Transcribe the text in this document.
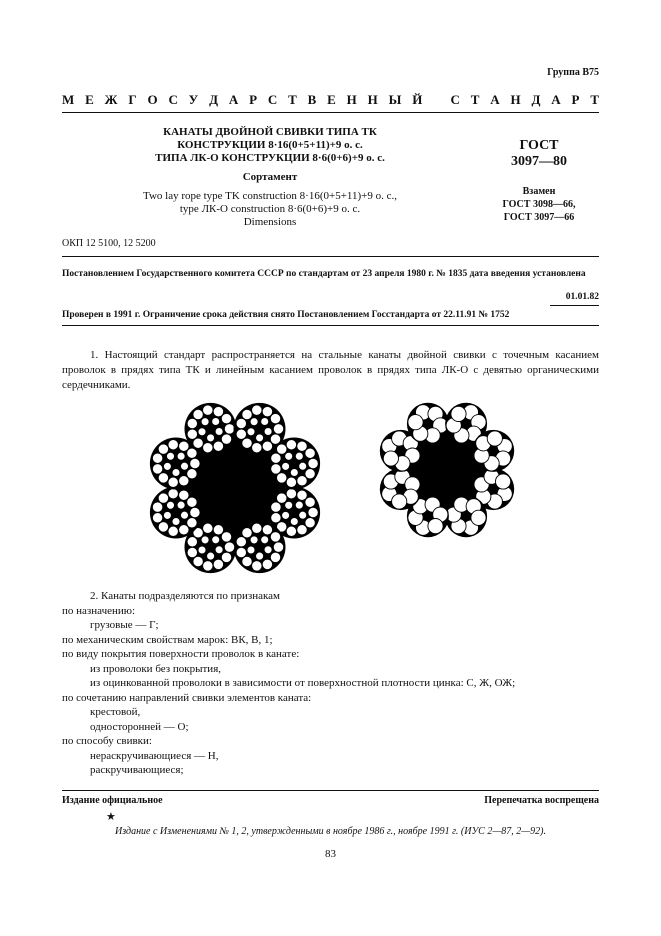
Группа В75
М Е Ж Г О С У Д А Р С Т В Е Н Н Ы Й
С Т А Н Д А Р Т
КАНАТЫ ДВОЙНОЙ СВИВКИ ТИПА ТК
КОНСТРУКЦИИ 8·16(0+5+11)+9 о. с.
ТИПА ЛК-О КОНСТРУКЦИИ 8·6(0+6)+9 о. с.
Сортамент
Two lay rope type TK construction 8·16(0+5+11)+9 o. c.,
type ЛК-О construction 8·6(0+6)+9 o. c.
Dimensions
ГОСТ
3097—80
Взамен
ГОСТ 3098—66,
ГОСТ 3097—66
ОКП 12 5100, 12 5200
Постановлением Государственного комитета СССР по стандартам от 23 апреля 1980 г. № 1835 дата введения установлена
01.01.82
Проверен в 1991 г. Ограничение срока действия снято Постановлением Госстандарта от 22.11.91 № 1752
1. Настоящий стандарт распространяется на стальные канаты двойной свивки с точечным касанием проволок в прядях типа ТК и линейным касанием проволок в прядях типа ЛК-О с девятью органическими сердечниками.
2. Канаты подразделяются по признакам
по назначению:
грузовые — Г;
по механическим свойствам марок: ВК, В, 1;
по виду покрытия поверхности проволок в канате:
из проволоки без покрытия,
из оцинкованной проволоки в зависимости от поверхностной плотности цинка: С, Ж, ОЖ;
по сочетанию направлений свивки элементов каната:
крестовой,
односторонней — О;
по способу свивки:
нераскручивающиеся — Н,
раскручивающиеся;
Издание официальное	Перепечатка воспрещена
★
Издание с Изменениями № 1, 2, утвержденными в ноябре 1986 г., ноябре 1991 г. (ИУС 2—87, 2—92).
83
